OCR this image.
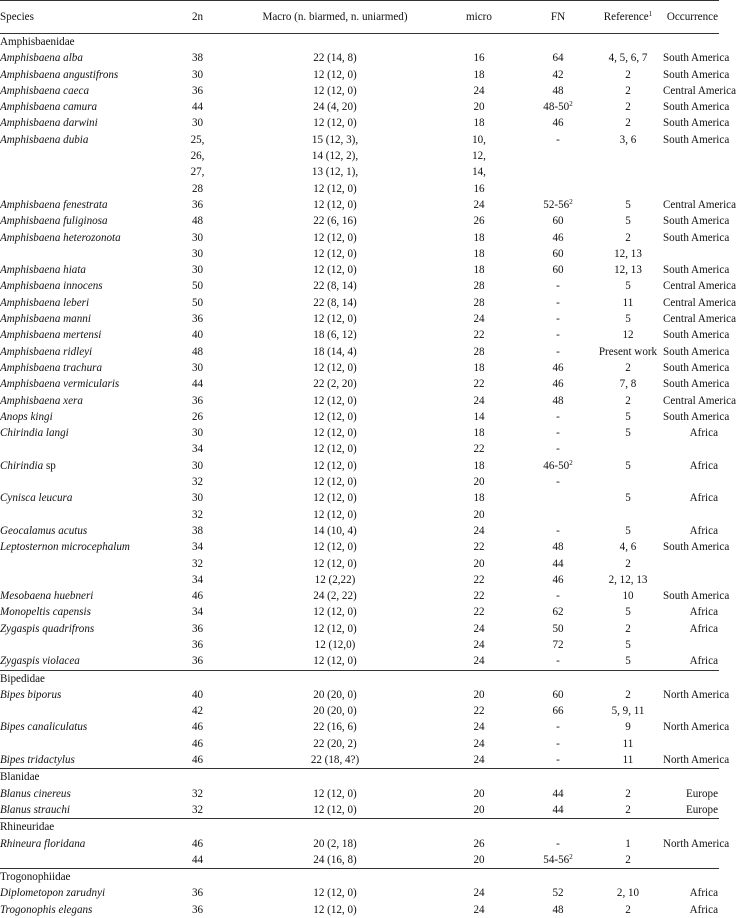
Species	2n	Macro (n. biarmed, n. uniarmed)	micro	FN	Reference$^1$	Occurrence
Amphisbaenidae						
Amphisbaena alba	38	22 (14, 8)	16	64	4, 5, 6, 7	South America
Amphisbaena angustifrons	30	12 (12, 0)	18	42	2	South America
Amphisbaena caeca	36	12 (12, 0)	24	48	2	Central America
Amphisbaena camura	44	24 (4, 20)	20	$48-50^2$	2	South America
Amphisbaena darwini	30	12 (12, 0)	18	46	2	South America
Amphisbaena dubia	25,	15 (12, 3),	10,	-	3, 6	South America
	26,	14 (12, 2),	12,			
	27,	13 (12, 1),	14,			
	28	12 (12, 0)	16			
Amphisbaena fenestrata	36	12 (12, 0)	24	$52-56^2$	5	Central America
Amphisbaena fuliginosa	48	22 (6, 16)	26	60	5	South America
Amphisbaena heterozonota	30	12 (12, 0)	18	46	2	South America
	30	12 (12, 0)	18	60	12, 13	
Amphisbaena hiata	30	12 (12, 0)	18	60	12, 13	South America
Amphisbaena innocens	50	22 (8, 14)	28	-	5	Central America
Amphisbaena leberi	50	22 (8, 14)	28	-	11	Central America
Amphisbaena manni	36	12 (12, 0)	24	-	5	Central America
Amphisbaena mertensi	40	18 (6, 12)	22	-	12	South America
Amphisbaena ridleyi	48	18 (14, 4)	28	-	Present work	South America
Amphisbaena trachura	30	12 (12, 0)	18	46	2	South America
Amphisbaena vermicularis	44	22 (2, 20)	22	46	7, 8	South America
Amphisbaena xera	36	12 (12, 0)	24	48	2	Central America
Anops kingi	26	12 (12, 0)	14	-	5	South America
Chirindia langi	30	12 (12, 0)	18	-	5	Africa
	34	12 (12, 0)	22	-		
Chirindia sp	30	12 (12, 0)	18	$46-50^2$	5	Africa
	32	12 (12, 0)	20	-		
Cynisca leucura	30	12 (12, 0)	18		5	Africa
	32	12 (12, 0)	20			
Geocalamus acutus	38	14 (10, 4)	24	-	5	Africa
Leptosternon microcephalum	34	12 (12, 0)	22	48	4, 6	South America
	32	12 (12, 0)	20	44	2	
	34	12 (2,22)	22	46	2, 12, 13	
Mesobaena huebneri	46	24 (2, 22)	22	-	10	South America
Monopeltis capensis	34	12 (12, 0)	22	62	5	Africa
Zygaspis quadrifrons	36	12 (12, 0)	24	50	2	Africa
	36	12 (12,0)	24	72	5	
Zygaspis violacea	36	12 (12, 0)	24	-	5	Africa
Bipedidae						
Bipes biporus	40	20 (20, 0)	20	60	2	North America
	42	20 (20, 0)	22	66	5, 9, 11	
Bipes canaliculatus	46	22 (16, 6)	24	-	9	North America
	46	22 (20, 2)	24	-	11	
Bipes tridactylus	46	22 (18, 4?)	24	-	11	North America
Blanidae						
Blanus cinereus	32	12 (12, 0)	20	44	2	Europe
Blanus strauchi	32	12 (12, 0)	20	44	2	Europe
Rhineuridae						
Rhineura floridana	46	20 (2, 18)	26	-	1	North America
	44	24 (16, 8)	20	$54-56^2$	2	
Trogonophiidae						
Diplometopon zarudnyi	36	12 (12, 0)	24	52	2, 10	Africa
Trogonophis elegans	36	12 (12, 0)	24	48	2	Africa
